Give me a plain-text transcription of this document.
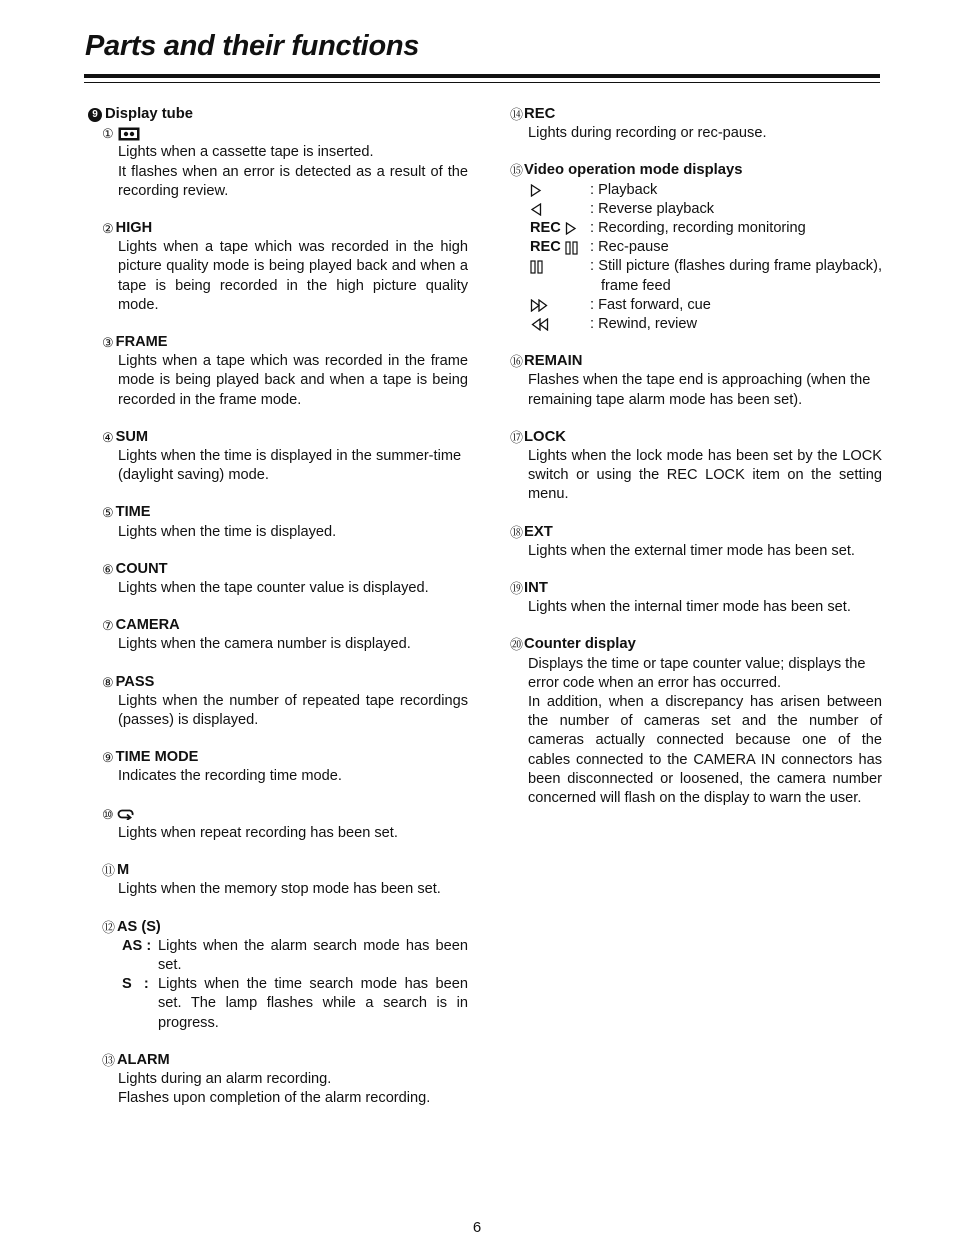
Parts and their functions
9 Display tube
①

Lights when a cassette tape is inserted.

It flashes when an error is detected as a result of the recording review.

② HIGH

Lights when a tape which was recorded in the high picture quality mode is being played back and when a tape is being recorded in the high picture quality mode.

③ FRAME

Lights when a tape which was recorded in the frame mode is being played back and when a tape is being recorded in the frame mode.

④ SUM

Lights when the time is displayed in the summer-time (daylight saving) mode.

⑤ TIME

Lights when the time is displayed.

⑥ COUNT

Lights when the tape counter value is displayed.

⑦ CAMERA

Lights when the camera number is displayed.

⑧ PASS

Lights when the number of repeated tape recordings (passes) is displayed.

⑨ TIME MODE

Indicates the recording time mode.

⑩

Lights when repeat recording has been set.

⑪ M

Lights when the memory stop mode has been set.

⑫ AS (S)
AS : Lights when the alarm search mode has been set.
S   : Lights when the time search mode has been set. The lamp flashes while a search is in progress.
⑬ ALARM

Lights during an alarm recording.

Flashes upon completion of the alarm recording.

⑭ REC

Lights during recording or rec-pause.

⑮ Video operation mode displays
: Playback
: Reverse playback
REC : Recording, recording monitoring
REC : Rec-pause
: Still picture (flashes during frame playback), frame feed
: Fast forward, cue
: Rewind, review
⑯ REMAIN

Flashes when the tape end is approaching (when the remaining tape alarm mode has been set).

⑰ LOCK

Lights when the lock mode has been set by the LOCK switch or using the REC LOCK item on the setting menu.

⑱ EXT

Lights when the external timer mode has been set.

⑲ INT

Lights when the internal timer mode has been set.

⑳ Counter display

Displays the time or tape counter value; displays the error code when an error has occurred.

In addition, when a discrepancy has arisen between the number of cameras set and the number of cameras actually connected because one of the cables connected to the CAMERA IN connectors has been disconnected or loosened, the camera number concerned will flash on the display to warn the user.

6
